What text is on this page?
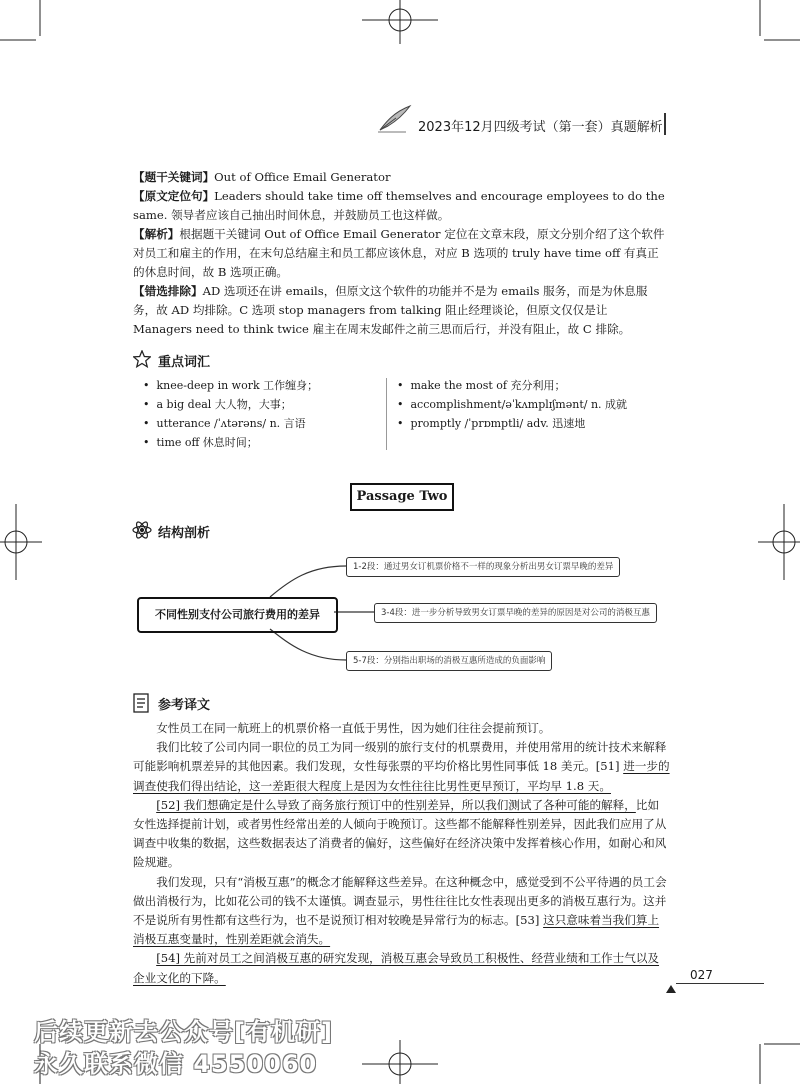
2023年12月四级考试（第一套）真题解析
【题干关键词】Out of Office Email Generator
【原文定位句】Leaders should take time off themselves and encourage employees to do the same. 领导者应该自己抽出时间休息，并鼓励员工也这样做。
【解析】根据题干关键词 Out of Office Email Generator 定位在文章末段，原文分别介绍了这个软件对员工和雇主的作用，在末句总结雇主和员工都应该休息，对应 B 选项的 truly have time off 有真正的休息时间，故 B 选项正确。
【错选排除】AD 选项还在讲 emails，但原文这个软件的功能并不是为 emails 服务，而是为休息服务，故 AD 均排除。C 选项 stop managers from talking 阻止经理谈论，但原文仅仅是让 Managers need to think twice 雇主在周末发邮件之前三思而后行，并没有阻止，故 C 排除。
重点词汇
• knee-deep in work 工作缠身；
• a big deal 大人物，大事；
• utterance /ˈʌtərəns/ n. 言语
• time off 休息时间；
• make the most of 充分利用；
• accomplishment/əˈkʌmplɪʃmənt/ n. 成就
• promptly /ˈprɒmptli/ adv. 迅速地
Passage Two
结构剖析
不同性别支付公司旅行费用的差异
1-2段：通过男女订机票价格不一样的现象分析出男女订票早晚的差异
3-4段：进一步分析导致男女订票早晚的差异的原因是对公司的消极互惠
5-7段：分别指出职场的消极互惠所造成的负面影响
参考译文
女性员工在同一航班上的机票价格一直低于男性，因为她们往往会提前预订。
我们比较了公司内同一职位的员工为同一级别的旅行支付的机票费用，并使用常用的统计技术来解释可能影响机票差异的其他因素。我们发现，女性每张票的平均价格比男性同事低 18 美元。[51] 进一步的调查使我们得出结论，这一差距很大程度上是因为女性往往比男性更早预订，平均早 1.8 天。
[52] 我们想确定是什么导致了商务旅行预订中的性别差异，所以我们测试了各种可能的解释，比如女性选择提前计划，或者男性经常出差的人倾向于晚预订。这些都不能解释性别差异，因此我们应用了从调查中收集的数据，这些数据表达了消费者的偏好，这些偏好在经济决策中发挥着核心作用，如耐心和风险规避。
我们发现，只有“消极互惠”的概念才能解释这些差异。在这种概念中，感觉受到不公平待遇的员工会做出消极行为，比如花公司的钱不太谨慎。调查显示，男性往往比女性表现出更多的消极互惠行为。这并不是说所有男性都有这些行为，也不是说预订相对较晚是异常行为的标志。[53] 这只意味着当我们算上消极互惠变量时，性别差距就会消失。
[54] 先前对员工之间消极互惠的研究发现，消极互惠会导致员工积极性、经营业绩和工作士气以及企业文化的下降。	027
后续更新去公众号[有机研]
永久联系微信 4550060
